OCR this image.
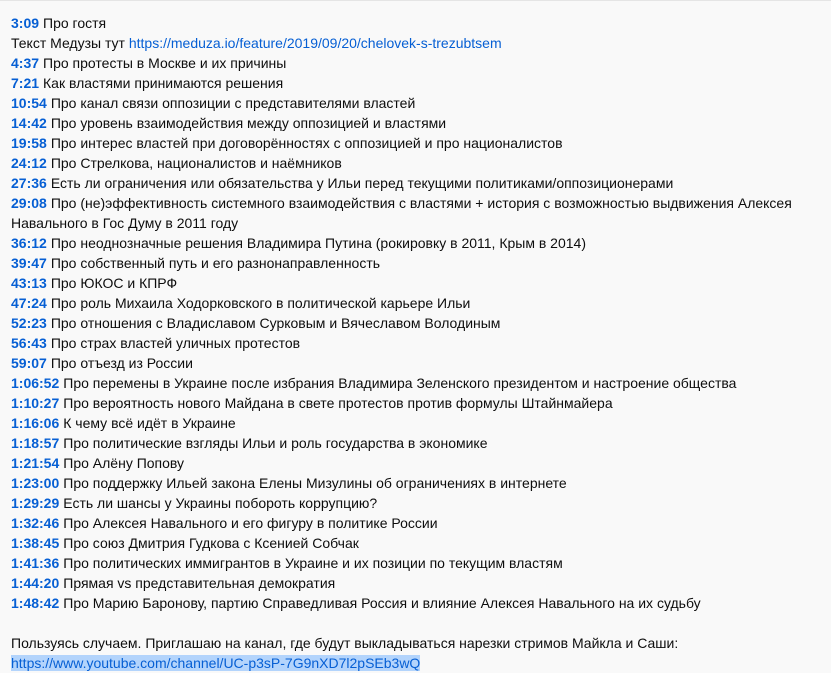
3:09 Про гостя

Текст Медузы тут https://meduza.io/feature/2019/09/20/chelovek-s-trezubtsem

4:37 Про протесты в Москве и их причины

7:21 Как властями принимаются решения

10:54 Про канал связи оппозиции с представителями властей

14:42 Про уровень взаимодействия между оппозицией и властями

19:58 Про интерес властей при договорённостях с оппозицией и про националистов

24:12 Про Стрелкова, националистов и наёмников

27:36 Есть ли ограничения или обязательства у Ильи перед текущими политиками/оппозиционерами

29:08 Про (не)эффективность системного взаимодействия с властями + история с возможностью выдвижения Алексея Навального в Гос Думу в 2011 году

36:12 Про неоднозначные решения Владимира Путина (рокировку в 2011, Крым в 2014)

39:47 Про собственный путь и его разнонаправленность

43:13 Про ЮКОС и КПРФ

47:24 Про роль Михаила Ходорковского в политической карьере Ильи

52:23 Про отношения с Владиславом Сурковым и Вячеславом Володиным

56:43 Про страх властей уличных протестов

59:07 Про отъезд из России

1:06:52 Про перемены в Украине после избрания Владимира Зеленского президентом и настроение общества

1:10:27 Про вероятность нового Майдана в свете протестов против формулы Штайнмайера

1:16:06 К чему всё идёт в Украине

1:18:57 Про политические взгляды Ильи и роль государства в экономике

1:21:54 Про Алёну Попову

1:23:00 Про поддержку Ильей закона Елены Мизулины об ограничениях в интернете

1:29:29 Есть ли шансы у Украины побороть коррупцию?

1:32:46 Про Алексея Навального и его фигуру в политике России

1:38:45 Про союз Дмитрия Гудкова с Ксенией Собчак

1:41:36 Про политических иммигрантов в Украине и их позиции по текущим властям

1:44:20 Прямая vs представительная демократия

1:48:42 Про Марию Баронову, партию Справедливая Россия и влияние Алексея Навального на их судьбу

Пользуясь случаем. Приглашаю на канал, где будут выкладываться нарезки стримов Майкла и Саши:

https://www.youtube.com/channel/UC-p3sP-7G9nXD7l2pSEb3wQ
